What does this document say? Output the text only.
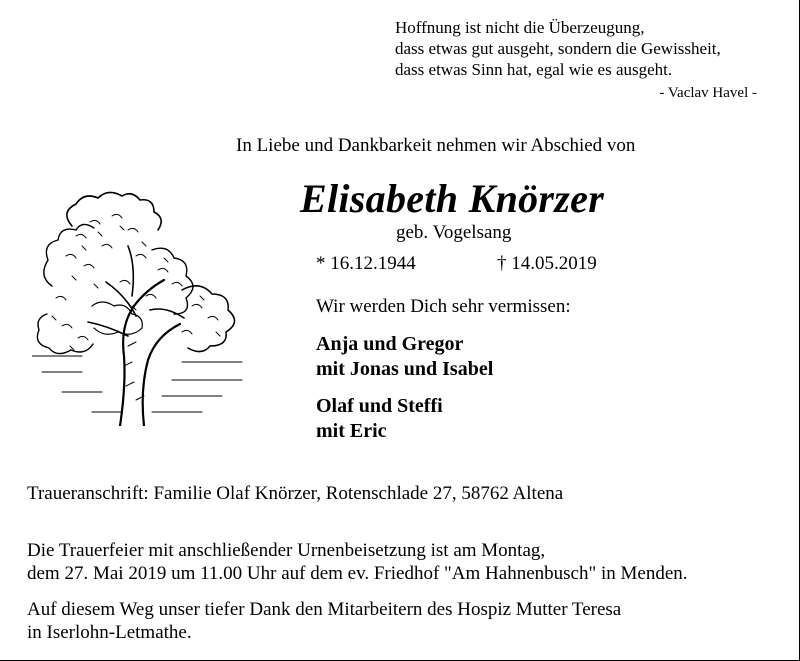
Hoffnung ist nicht die Überzeugung,
dass etwas gut ausgeht, sondern die Gewissheit,
dass etwas Sinn hat, egal wie es ausgeht.
- Vaclav Havel -
In Liebe und Dankbarkeit nehmen wir Abschied von
Elisabeth Knörzer
geb. Vogelsang
* 16.12.1944	† 14.05.2019
Wir werden Dich sehr vermissen:
Anja und Gregor
mit Jonas und Isabel
Olaf und Steffi
mit Eric
Traueranschrift: Familie Olaf Knörzer, Rotenschlade 27, 58762 Altena
Die Trauerfeier mit anschließender Urnenbeisetzung ist am Montag,
dem 27. Mai 2019 um 11.00 Uhr auf dem ev. Friedhof "Am Hahnenbusch" in Menden.
Auf diesem Weg unser tiefer Dank den Mitarbeitern des Hospiz Mutter Teresa
in Iserlohn-Letmathe.
